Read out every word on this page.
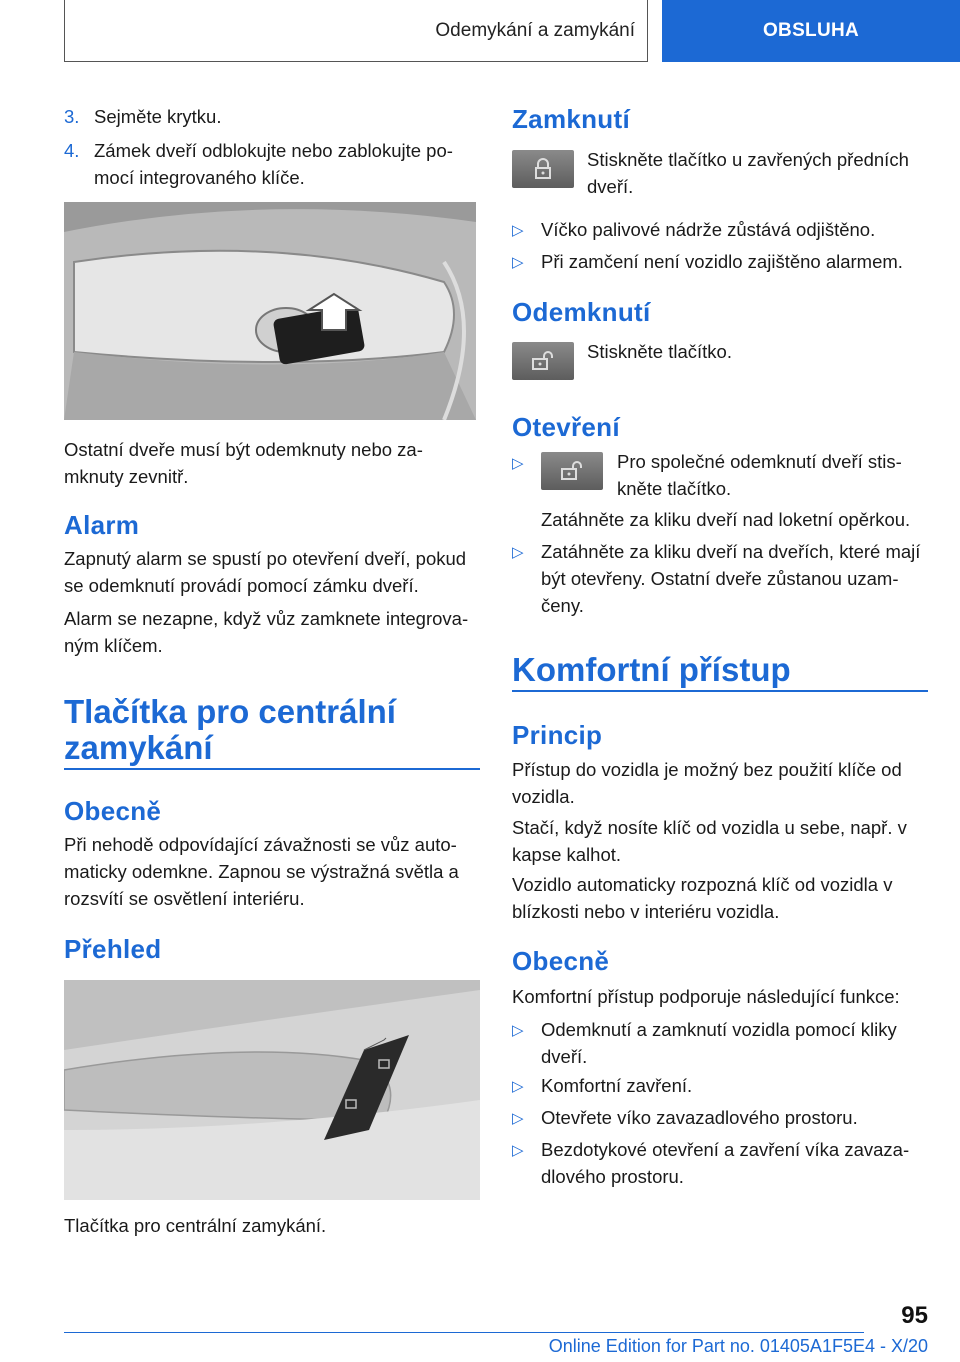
Odemykání a zamykání	OBSLUHA
3. Sejměte krytku.

4. Zámek dveří odblokujte nebo zablokujte po-

mocí integrovaného klíče.

Ostatní dveře musí být odemknuty nebo za-

mknuty zevnitř.

Alarm

Zapnutý alarm se spustí po otevření dveří, pokud

se odemknutí provádí pomocí zámku dveří.

Alarm se nezapne, když vůz zamknete integrova-

ným klíčem.

Tlačítka pro centrální
zamykání
Obecně

Při nehodě odpovídající závažnosti se vůz auto-

maticky odemkne. Zapnou se výstražná světla a

rozsvítí se osvětlení interiéru.

Přehled

Tlačítka pro centrální zamykání.

Zamknutí

Stiskněte tlačítko u zavřených předních

dveří.

▷ Víčko palivové nádrže zůstává odjištěno.

▷ Při zamčení není vozidlo zajištěno alarmem.

Odemknutí

Stiskněte tlačítko.

Otevření
▷	Pro společné odemknutí dveří stis-

kněte tlačítko.

Zatáhněte za kliku dveří nad loketní opěrkou.

▷ Zatáhněte za kliku dveří na dveřích, které mají

být otevřeny. Ostatní dveře zůstanou uzam-

čeny.

Komfortní přístup
Princip

Přístup do vozidla je možný bez použití klíče od

vozidla.

Stačí, když nosíte klíč od vozidla u sebe, např. v

kapse kalhot.

Vozidlo automaticky rozpozná klíč od vozidla v

blízkosti nebo v interiéru vozidla.

Obecně

Komfortní přístup podporuje následující funkce:

▷ Odemknutí a zamknutí vozidla pomocí kliky

dveří.

▷ Komfortní zavření.

▷ Otevřete víko zavazadlového prostoru.

▷ Bezdotykové otevření a zavření víka zavaza-

dlového prostoru.

95
Online Edition for Part no. 01405A1F5E4 - X/20
